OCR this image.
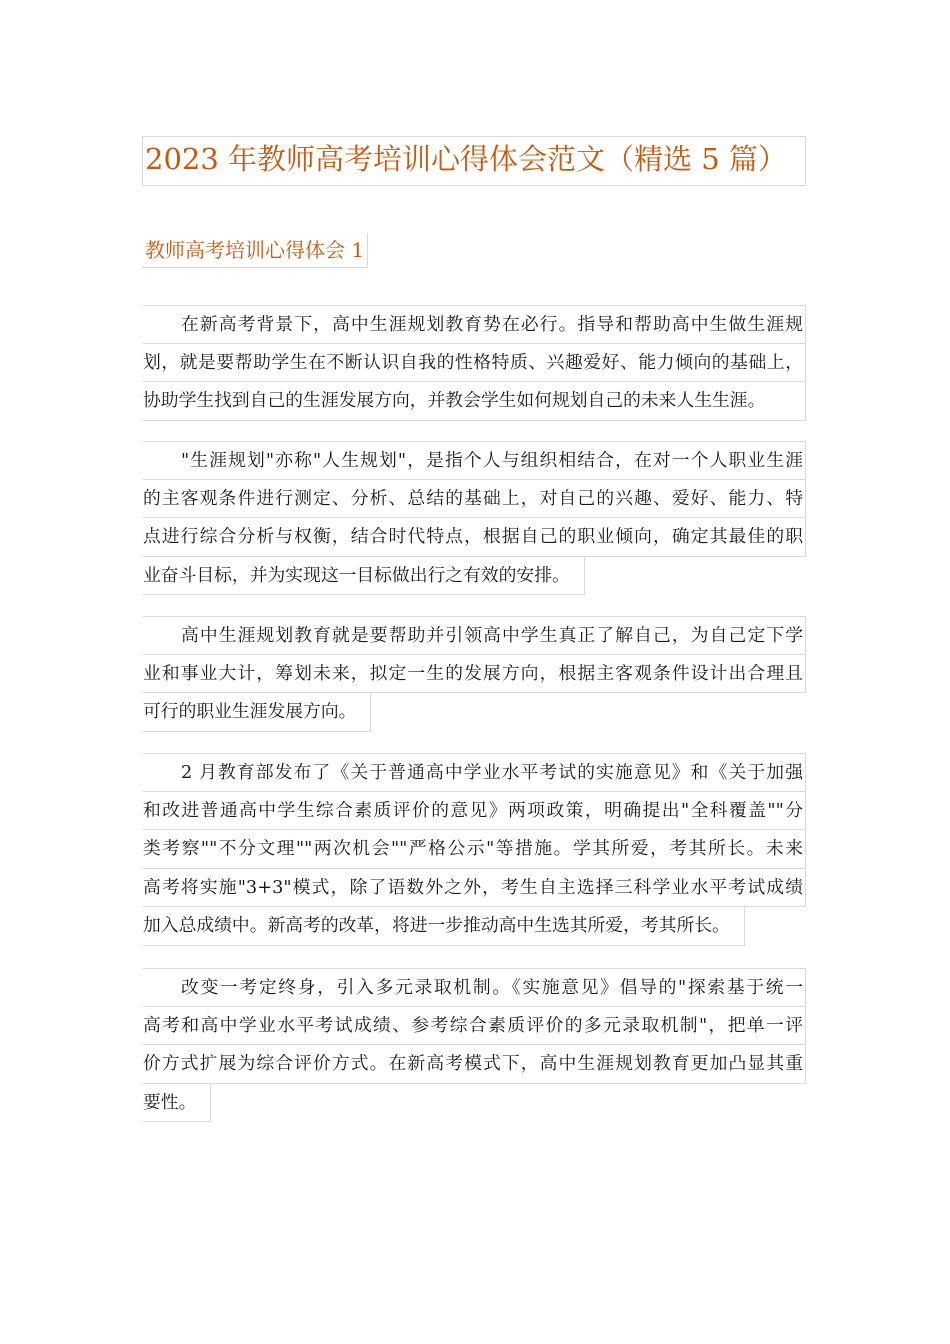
2023 年教师高考培训心得体会范文（精选 5 篇）
教师高考培训心得体会 1
在新高考背景下，高中生涯规划教育势在必行。指导和帮助高中生做生涯规
划，就是要帮助学生在不断认识自我的性格特质、兴趣爱好、能力倾向的基础上，
协助学生找到自己的生涯发展方向，并教会学生如何规划自己的未来人生生涯。
"生涯规划"亦称"人生规划"，是指个人与组织相结合，在对一个人职业生涯
的主客观条件进行测定、分析、总结的基础上，对自己的兴趣、爱好、能力、特
点进行综合分析与权衡，结合时代特点，根据自己的职业倾向，确定其最佳的职
业奋斗目标，并为实现这一目标做出行之有效的安排。
高中生涯规划教育就是要帮助并引领高中学生真正了解自己，为自己定下学
业和事业大计，筹划未来，拟定一生的发展方向，根据主客观条件设计出合理且
可行的职业生涯发展方向。
2 月教育部发布了《关于普通高中学业水平考试的实施意见》和《关于加强
和改进普通高中学生综合素质评价的意见》两项政策，明确提出"全科覆盖""分
类考察""不分文理""两次机会""严格公示"等措施。学其所爱，考其所长。未来
高考将实施"3+3"模式，除了语数外之外，考生自主选择三科学业水平考试成绩
加入总成绩中。新高考的改革，将进一步推动高中生选其所爱，考其所长。
改变一考定终身，引入多元录取机制。《实施意见》倡导的"探索基于统一
高考和高中学业水平考试成绩、参考综合素质评价的多元录取机制"，把单一评
价方式扩展为综合评价方式。在新高考模式下，高中生涯规划教育更加凸显其重
要性。
